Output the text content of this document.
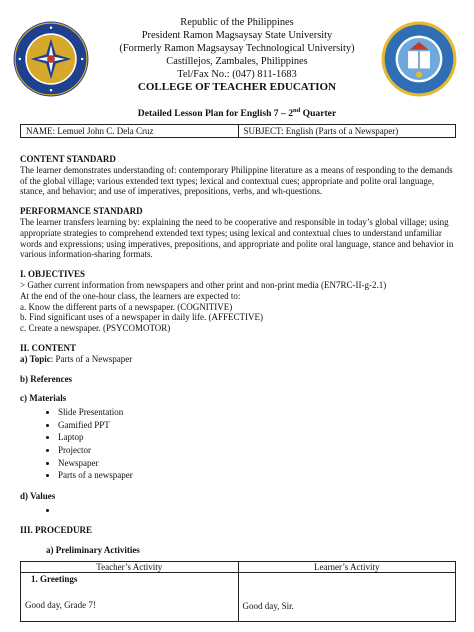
Republic of the Philippines
President Ramon Magsaysay State University
(Formerly Ramon Magsaysay Technological University)
Castillejos, Zambales, Philippines
Tel/Fax No.: (047) 811-1683
COLLEGE OF TEACHER EDUCATION
Detailed Lesson Plan for English 7 – 2nd Quarter
NAME: Lemuel John C. Dela Cruz	SUBJECT: English (Parts of a Newspaper)

CONTENT STANDARD

The learner demonstrates understanding of: contemporary Philippine literature as a means of responding to the demands of the global village; various extended text types; lexical and contextual cues; appropriate and polite oral language, stance, and behavior; and use of imperatives, prepositions, verbs, and wh-questions.

PERFORMANCE STANDARD

The learner transfers learning by: explaining the need to be cooperative and responsible in today’s global village; using appropriate strategies to comprehend extended text types; using lexical and contextual clues to understand unfamiliar words and expressions; using imperatives, prepositions, and appropriate and polite oral language, stance and behavior in various information-sharing formats.

I. OBJECTIVES

> Gather current information from newspapers and other print and non-print media (EN7RC-II-g-2.1)

At the end of the one-hour class, the learners are expected to:

a. Know the different parts of a newspaper. (COGNITIVE)

b. Find significant uses of a newspaper in daily life. (AFFECTIVE)

c. Create a newspaper. (PSYCOMOTOR)

II. CONTENT

a) Topic: Parts of a Newspaper

b) References

c) Materials

• Slide Presentation
• Gamified PPT
• Laptop
• Projector
• Newspaper
• Parts of a newspaper

d) Values

•

III. PROCEDURE

a) Preliminary Activities

Teacher’s Activity	Learner’s Activity

1. Greetings
Good day, Grade 7!	Good day, Sir.
